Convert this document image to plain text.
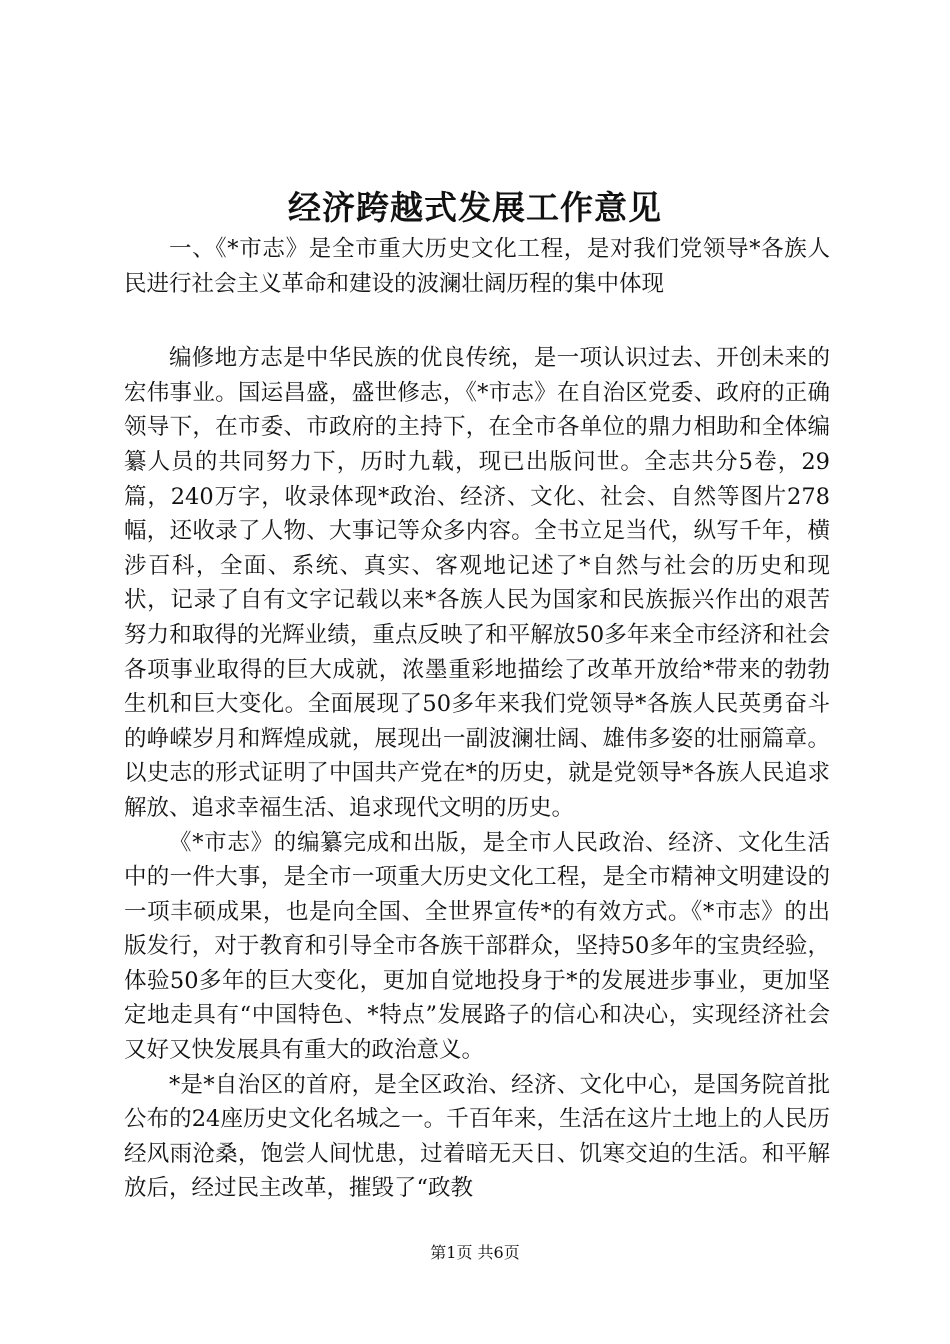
经济跨越式发展工作意见

一、《*市志》是全市重大历史文化工程，是对我们党领导*各族人民进行社会主义革命和建设的波澜壮阔历程的集中体现

编修地方志是中华民族的优良传统，是一项认识过去、开创未来的宏伟事业。国运昌盛，盛世修志，《*市志》在自治区党委、政府的正确领导下，在市委、市政府的主持下，在全市各单位的鼎力相助和全体编纂人员的共同努力下，历时九载，现已出版问世。全志共分5卷，29篇，240万字，收录体现*政治、经济、文化、社会、自然等图片278幅，还收录了人物、大事记等众多内容。全书立足当代，纵写千年，横涉百科，全面、系统、真实、客观地记述了*自然与社会的历史和现状，记录了自有文字记载以来*各族人民为国家和民族振兴作出的艰苦努力和取得的光辉业绩，重点反映了和平解放50多年来全市经济和社会各项事业取得的巨大成就，浓墨重彩地描绘了改革开放给*带来的勃勃生机和巨大变化。全面展现了50多年来我们党领导*各族人民英勇奋斗的峥嵘岁月和辉煌成就，展现出一副波澜壮阔、雄伟多姿的壮丽篇章。以史志的形式证明了中国共产党在*的历史，就是党领导*各族人民追求解放、追求幸福生活、追求现代文明的历史。

《*市志》的编纂完成和出版，是全市人民政治、经济、文化生活中的一件大事，是全市一项重大历史文化工程，是全市精神文明建设的一项丰硕成果，也是向全国、全世界宣传*的有效方式。《*市志》的出版发行，对于教育和引导全市各族干部群众，坚持50多年的宝贵经验，体验50多年的巨大变化，更加自觉地投身于*的发展进步事业，更加坚定地走具有“中国特色、*特点”发展路子的信心和决心，实现经济社会又好又快发展具有重大的政治意义。

*是*自治区的首府，是全区政治、经济、文化中心，是国务院首批公布的24座历史文化名城之一。千百年来，生活在这片土地上的人民历经风雨沧桑，饱尝人间忧患，过着暗无天日、饥寒交迫的生活。和平解放后，经过民主改革，摧毁了“政教

第1页 共6页
